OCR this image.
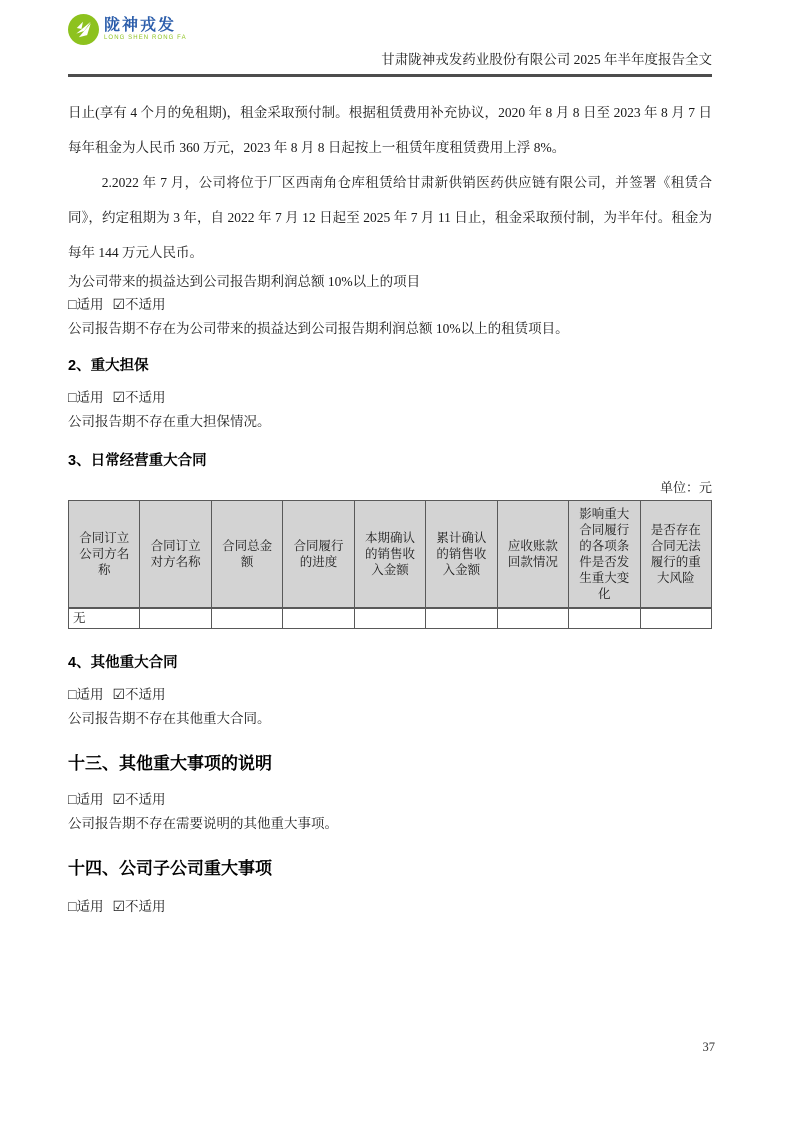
陇神戎发
LONG SHEN RONG FA
甘肃陇神戎发药业股份有限公司 2025 年半年度报告全文
日止(享有 4 个月的免租期)，租金采取预付制。根据租赁费用补充协议，2020 年 8 月 8 日至 2023 年 8 月 7 日每年租金为人民币 360 万元，2023 年 8 月 8 日起按上一租赁年度租赁费用上浮 8%。
2.2022 年 7 月，公司将位于厂区西南角仓库租赁给甘肃新供销医药供应链有限公司，并签署《租赁合同》，约定租期为 3 年，自 2022 年 7 月 12 日起至 2025 年 7 月 11 日止，租金采取预付制，为半年付。租金为每年 144 万元人民币。
为公司带来的损益达到公司报告期利润总额 10%以上的项目
□适用 ☑不适用
公司报告期不存在为公司带来的损益达到公司报告期利润总额 10%以上的租赁项目。
2、重大担保
□适用 ☑不适用
公司报告期不存在重大担保情况。
3、日常经营重大合同
单位：元
合同订立公司方名称	合同订立对方名称	合同总金额	合同履行的进度	本期确认的销售收入金额	累计确认的销售收入金额	应收账款回款情况	影响重大合同履行的各项条件是否发生重大变化	是否存在合同无法履行的重大风险
无								
4、其他重大合同
□适用 ☑不适用
公司报告期不存在其他重大合同。
十三、其他重大事项的说明
□适用 ☑不适用
公司报告期不存在需要说明的其他重大事项。
十四、公司子公司重大事项
□适用 ☑不适用
37
